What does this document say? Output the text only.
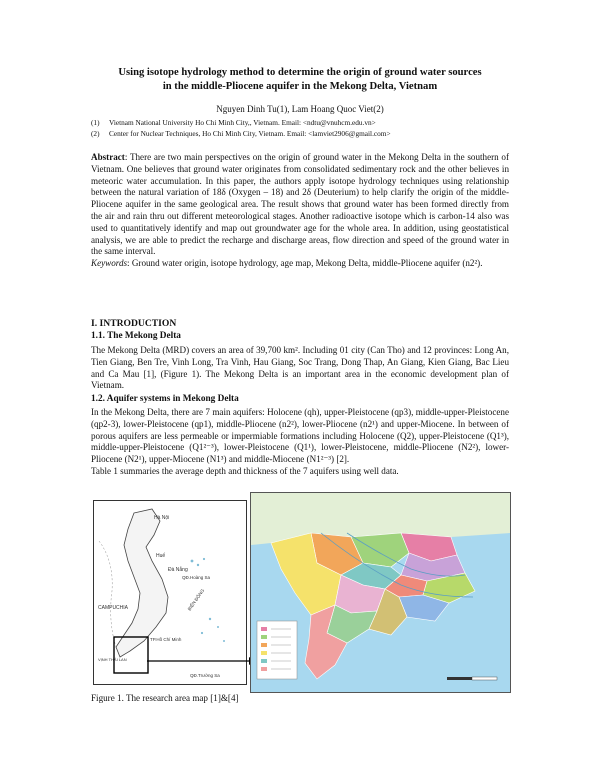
Using isotope hydrology method to determine the origin of ground water sources
in the middle-Pliocene aquifer in the Mekong Delta, Vietnam
Nguyen Dinh Tu(1), Lam Hoang Quoc Viet(2)
(1) Vietnam National University Ho Chi Minh City,, Vietnam. Email: <ndtu@vnuhcm.edu.vn>
(2) Center for Nuclear Techniques, Ho Chi Minh City, Vietnam. Email: <lamviet2906@gmail.com>
Abstract: There are two main perspectives on the origin of ground water in the Mekong Delta in the southern of Vietnam. One believes that ground water originates from consolidated sedimentary rock and the other believes in meteoric water accumulation. In this paper, the authors apply isotope hydrology techniques using relationship between the natural variation of 18δ (Oxygen – 18) and 2δ (Deuterium) to help clarify the origin of the middle-Pliocene aquifer in the same geological area. The result shows that ground water has been formed directly from the air and rain thru out different meteorological stages. Another radioactive isotope which is carbon-14 also was used to quantitatively identify and map out groundwater age for the whole area. In addition, using geostatistical analysis, we are able to predict the recharge and discharge areas, flow direction and speed of the ground water in the same interval.
Keywords: Ground water origin, isotope hydrology, age map, Mekong Delta, middle-Pliocene aquifer (n2²).
I. INTRODUCTION
1.1. The Mekong Delta
The Mekong Delta (MRD) covers an area of 39,700 km². Including 01 city (Can Tho) and 12 provinces: Long An, Tien Giang, Ben Tre, Vinh Long, Tra Vinh, Hau Giang, Soc Trang, Dong Thap, An Giang, Kien Giang, Bac Lieu and Ca Mau [1], (Figure 1). The Mekong Delta is an important area in the economic development plan of Vietnam.
1.2. Aquifer systems in Mekong Delta
In the Mekong Delta, there are 7 main aquifers: Holocene (qh), upper-Pleistocene (qp3), middle-upper-Pleistocene (qp2-3), lower-Pleistocene (qp1), middle-Pliocene (n2²), lower-Pliocene (n2¹) and upper-Miocene. In between of porous aquifers are less permeable or impermiable formations including Holocene (Q2), upper-Pleistocene (Q1³), middle-upper-Pleistocene (Q1²⁻³), lower-Pleistocene (Q1¹), lower-Pleistocene, middle-Pliocene (N2²), lower-Pliocene (N2¹), upper-Miocene (N1³) and middle-Miocene (N1²⁻³) [2].
Table 1 summaries the average depth and thickness of the 7 aquifers using well data.
Hà Nội
Huế
Đà Nẵng
QĐ.Hoàng Sa
CAMPUCHIA
TP.Hồ Chí Minh
QĐ.Trường Sa
VỊNH THÁI LAN
BIỂN ĐÔNG
Figure 1. The research area map [1]&[4]
